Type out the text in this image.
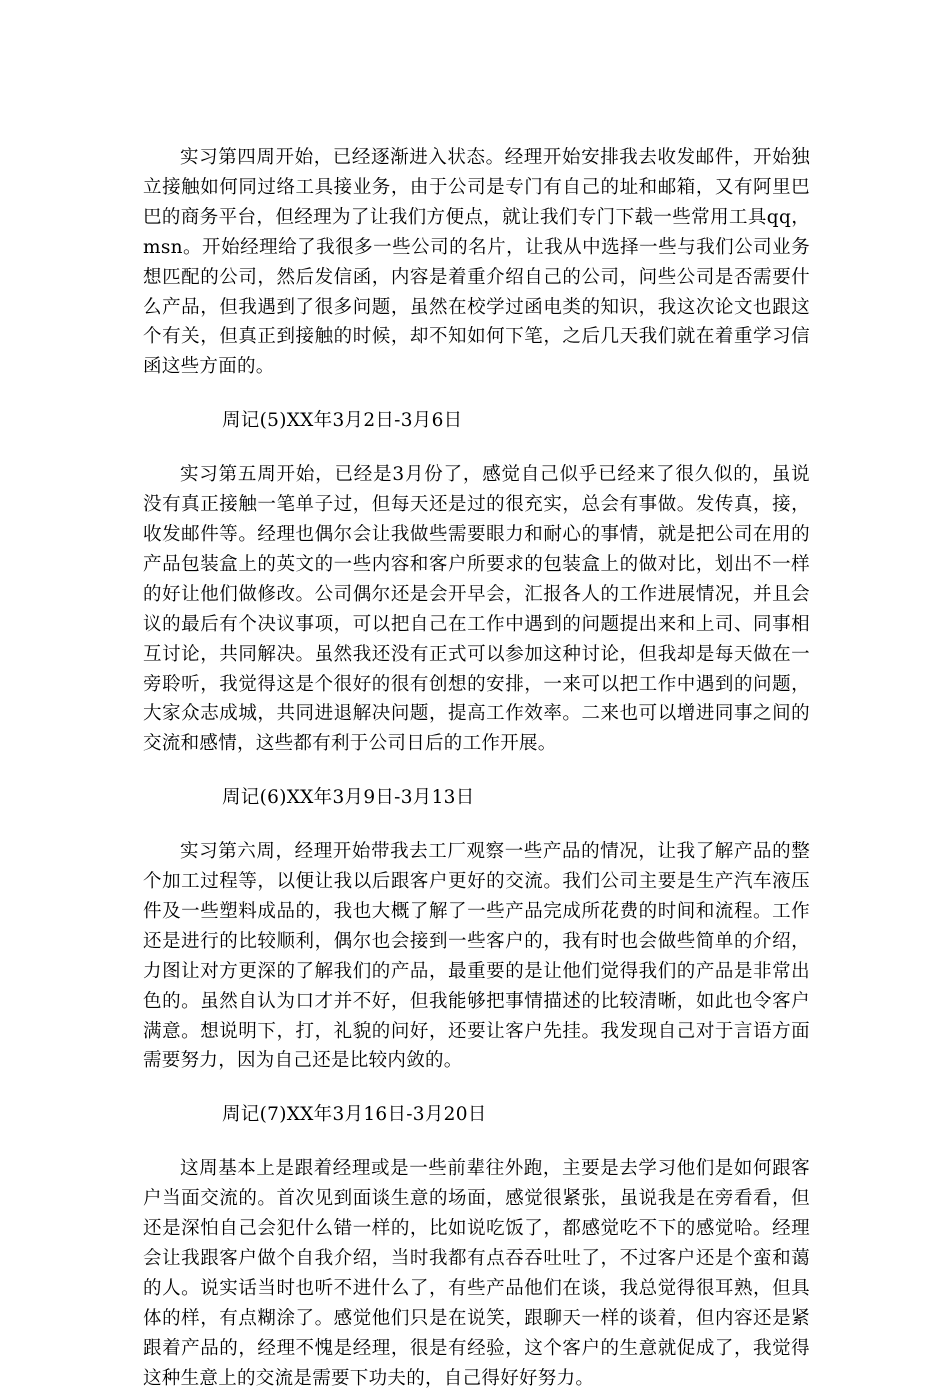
实习第四周开始，已经逐渐进入状态。经理开始安排我去收发邮件，开始独立接触如何同过络工具接业务，由于公司是专门有自己的址和邮箱，又有阿里巴巴的商务平台，但经理为了让我们方便点，就让我们专门下载一些常用工具qq，msn。开始经理给了我很多一些公司的名片，让我从中选择一些与我们公司业务想匹配的公司，然后发信函，内容是着重介绍自己的公司，问些公司是否需要什么产品，但我遇到了很多问题，虽然在校学过函电类的知识，我这次论文也跟这个有关，但真正到接触的时候，却不知如何下笔，之后几天我们就在着重学习信函这些方面的。

周记(5)XX年3月2日-3月6日

实习第五周开始，已经是3月份了，感觉自己似乎已经来了很久似的，虽说没有真正接触一笔单子过，但每天还是过的很充实，总会有事做。发传真，接，收发邮件等。经理也偶尔会让我做些需要眼力和耐心的事情，就是把公司在用的产品包装盒上的英文的一些内容和客户所要求的包装盒上的做对比，划出不一样的好让他们做修改。公司偶尔还是会开早会，汇报各人的工作进展情况，并且会议的最后有个决议事项，可以把自己在工作中遇到的问题提出来和上司、同事相互讨论，共同解决。虽然我还没有正式可以参加这种讨论，但我却是每天做在一旁聆听，我觉得这是个很好的很有创想的安排，一来可以把工作中遇到的问题，大家众志成城，共同进退解决问题，提高工作效率。二来也可以增进同事之间的交流和感情，这些都有利于公司日后的工作开展。

周记(6)XX年3月9日-3月13日

实习第六周，经理开始带我去工厂观察一些产品的情况，让我了解产品的整个加工过程等，以便让我以后跟客户更好的交流。我们公司主要是生产汽车液压件及一些塑料成品的，我也大概了解了一些产品完成所花费的时间和流程。工作还是进行的比较顺利，偶尔也会接到一些客户的，我有时也会做些简单的介绍，力图让对方更深的了解我们的产品，最重要的是让他们觉得我们的产品是非常出色的。虽然自认为口才并不好，但我能够把事情描述的比较清晰，如此也令客户满意。想说明下，打，礼貌的问好，还要让客户先挂。我发现自己对于言语方面需要努力，因为自己还是比较内敛的。

周记(7)XX年3月16日-3月20日

这周基本上是跟着经理或是一些前辈往外跑，主要是去学习他们是如何跟客户当面交流的。首次见到面谈生意的场面，感觉很紧张，虽说我是在旁看看，但还是深怕自己会犯什么错一样的，比如说吃饭了，都感觉吃不下的感觉哈。经理会让我跟客户做个自我介绍，当时我都有点吞吞吐吐了，不过客户还是个蛮和蔼的人。说实话当时也听不进什么了，有些产品他们在谈，我总觉得很耳熟，但具体的样，有点糊涂了。感觉他们只是在说笑，跟聊天一样的谈着，但内容还是紧跟着产品的，经理不愧是经理，很是有经验，这个客户的生意就促成了，我觉得这种生意上的交流是需要下功夫的，自己得好好努力。
